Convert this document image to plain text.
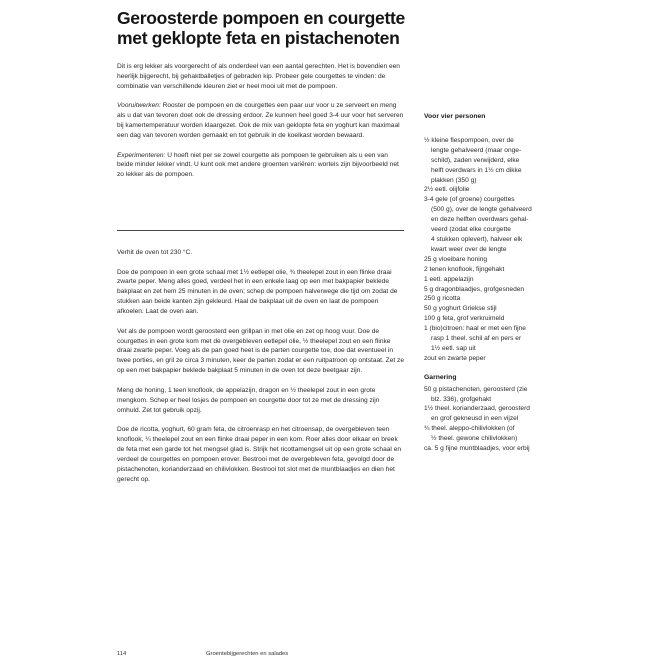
Geroosterde pompoen en courgette met geklopte feta en pistachenoten

Dit is erg lekker als voorgerecht of als onderdeel van een aantal gerechten. Het is bovendien een heerlijk bijgerecht, bij gehaktballetjes of gebraden kip. Probeer gele courgettes te vinden: de combinatie van verschillende kleuren ziet er heel mooi uit met de pompoen.

Vooruitwerken: Rooster de pompoen en de courgettes een paar uur voor u ze serveert en meng als u dat van tevoren doet ook de dressing erdoor. Ze kunnen heel goed 3-4 uur voor het serveren bij kamertemperatuur worden klaargezet. Ook de mix van geklopte feta en yoghurt kan maximaal een dag van tevoren worden gemaakt en tot gebruik in de koelkast worden bewaard.

Experimenteren: U hoeft niet per se zowel courgette als pompoen te gebruiken als u een van beide minder lekker vindt. U kunt ook met andere groenten variëren: wortels zijn bijvoorbeeld net zo lekker als de pompoen.

Verhit de oven tot 230 °C.

Doe de pompoen in een grote schaal met 1½ eetlepel olie, ¾ theelepel zout in een flinke draai zwarte peper. Meng alles goed, verdeel het in een enkele laag op een met bakpapier beklede bakplaat en zet hem 25 minuten in de oven; schep de pompoen halverwege die tijd om zodat de stukken aan beide kanten zijn gekleurd. Haal de bakplaat uit de oven en laat de pompoen afkoelen. Laat de oven aan.

Vet als de pompoen wordt geroosterd een grillpan in met olie en zet op hoog vuur. Doe de courgettes in een grote kom met de overgebleven eetlepel olie, ½ theelepel zout en een flinke draai zwarte peper. Voeg als de pan goed heet is de parten courgette toe, doe dat eventueel in twee porties, en gril ze circa 3 minuten, keer de parten zodat er een ruitpatroon op ontstaat. Zet ze op een met bakpapier beklede bakplaat 5 minuten in de oven tot deze beetgaar zijn.

Meng de honing, 1 teen knoflook, de appelazijn, dragon en ½ theelepel zout in een grote mengkom. Schep er heel losjes de pompoen en courgette door tot ze met de dressing zijn omhuld. Zet tot gebruik opzij.

Doe de ricotta, yoghurt, 60 gram feta, de citroenrasp en het citroensap, de overgebleven teen knoflook, ¼ theelepel zout en een flinke draai peper in een kom. Roer alles door elkaar en breek de feta met een garde tot het mengsel glad is. Strijk het ricottamengsel uit op een grote schaal en verdeel de courgettes en pompoen erover. Bestrooi met de overgebleven feta, gevolgd door de pistachenoten, korianderzaad en chilivlokken. Bestrooi tot slot met de muntblaadjes en dien het gerecht op.

Voor vier personen
½ kleine flespompoen, over de
lengte gehalveerd (maar onge-
schild), zaden verwijderd, elke
helft overdwars in 1½ cm dikke
plakken (350 g)
2½ eetl. olijfolie
3-4 gele (of groene) courgettes
(500 g), over de lengte gehalveerd
en deze helften overdwars gehal-
veerd (zodat elke courgette
4 stukken oplevert), halveer elk
kwart weer over de lengte
25 g vloeibare honing
2 tenen knoflook, fijngehakt
1 eetl. appelazijn
5 g dragonblaadjes, grofgesneden
250 g ricotta
50 g yoghurt Griekse stijl
100 g feta, grof verkruimeld
1 (bio)citroen: haal er met een fijne
rasp 1 theel. schil af en pers er
1½ eetl. sap uit
zout en zwarte peper
Garnering
50 g pistachenoten, geroosterd (zie
blz. 336), grofgehakt
1½ theel. korianderzaad, geroosterd
en grof gekneusd in een vijzel
¾ theel. aleppo-chilivlokken (of
½ theel. gewone chilivlokken)
ca. 5 g fijne muntblaadjes, voor erbij
114	Groentebijgerechten en salades
